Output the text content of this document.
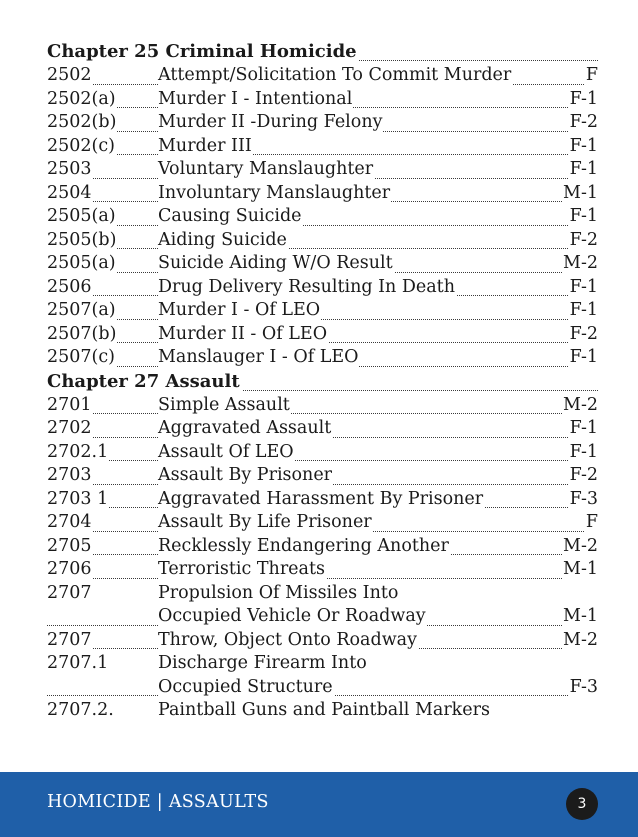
Chapter 25 Criminal Homicide
2502	Attempt/Solicitation To Commit Murder	F
2502(a) Murder I - Intentional	F-1
2502(b) Murder II -During Felony	F-2
2502(c) Murder III	F-1
2503	Voluntary Manslaughter	F-1
2504	Involuntary Manslaughter	M-1
2505(a) Causing Suicide	F-1
2505(b) Aiding Suicide	F-2
2505(a) Suicide Aiding W/O Result	M-2
2506	Drug Delivery Resulting In Death	F-1
2507(a) Murder I - Of LEO	F-1
2507(b) Murder II - Of LEO	F-2
2507(c) Manslauger I - Of LEO	F-1
Chapter 27 Assault
2701	Simple Assault	M-2
2702	Aggravated Assault	F-1
2702.1	Assault Of LEO	F-1
2703	Assault By Prisoner	F-2
2703 1	Aggravated Harassment By Prisoner	F-3
2704	Assault By Life Prisoner	F
2705	Recklessly Endangering Another	M-2
2706	Terroristic Threats	M-1
2707	Propulsion Of Missiles Into
Occupied Vehicle Or Roadway	M-1
2707	Throw, Object Onto Roadway	M-2
2707.1	Discharge Firearm Into
Occupied Structure	F-3
2707.2.	Paintball Guns and Paintball Markers
HOMICIDE | ASSAULTS	3
